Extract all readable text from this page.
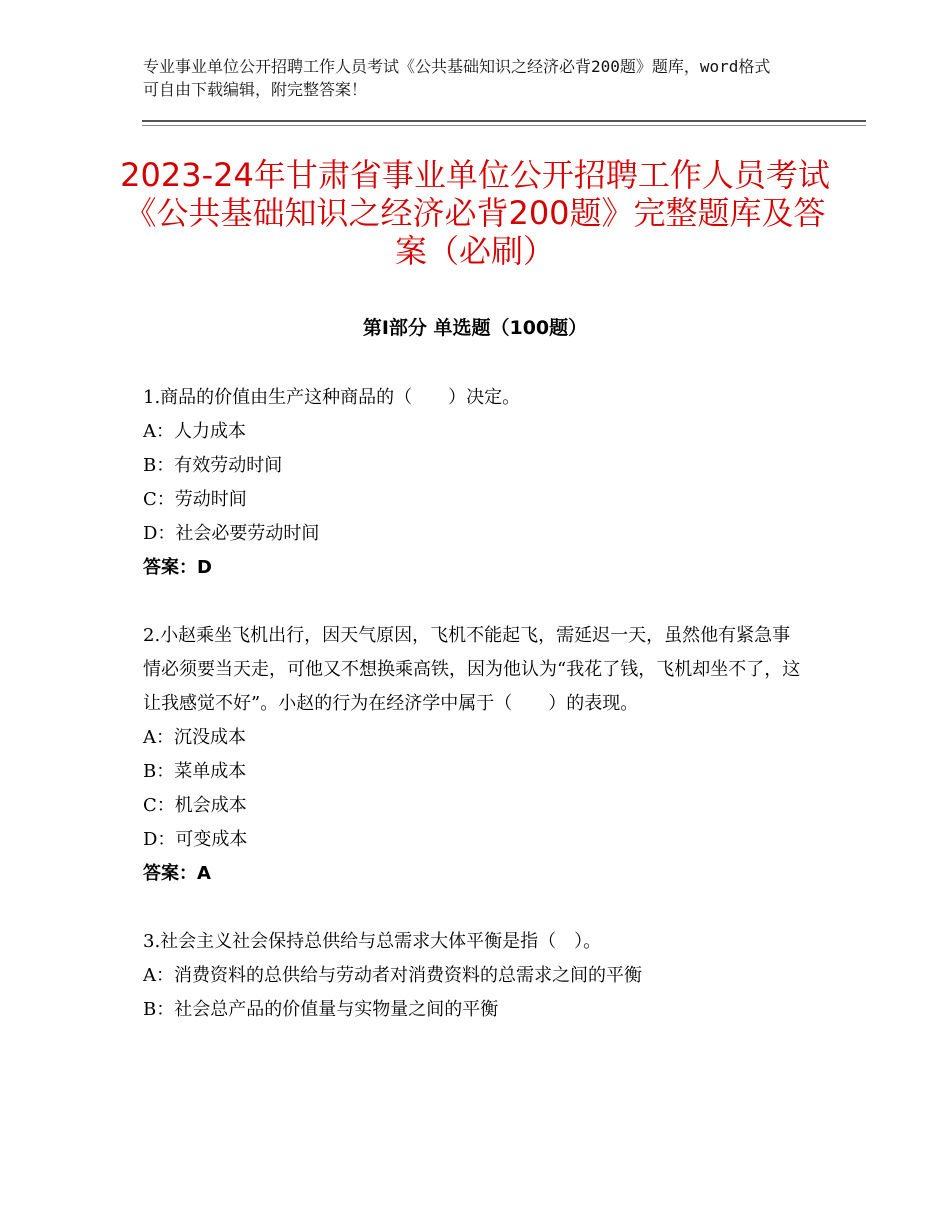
专业事业单位公开招聘工作人员考试《公共基础知识之经济必背200题》题库，word格式可自由下载编辑，附完整答案！
2023-24年甘肃省事业单位公开招聘工作人员考试《公共基础知识之经济必背200题》完整题库及答案（必刷）
第Ⅰ部分 单选题（100题）

1.商品的价值由生产这种商品的（　　）决定。

A：人力成本

B：有效劳动时间

C：劳动时间

D：社会必要劳动时间

答案：D

2.小赵乘坐飞机出行，因天气原因，飞机不能起飞，需延迟一天，虽然他有紧急事情必须要当天走，可他又不想换乘高铁，因为他认为“我花了钱，飞机却坐不了，这让我感觉不好”。小赵的行为在经济学中属于（　　）的表现。

A：沉没成本

B：菜单成本

C：机会成本

D：可变成本

答案：A

3.社会主义社会保持总供给与总需求大体平衡是指（　）。

A：消费资料的总供给与劳动者对消费资料的总需求之间的平衡

B：社会总产品的价值量与实物量之间的平衡
